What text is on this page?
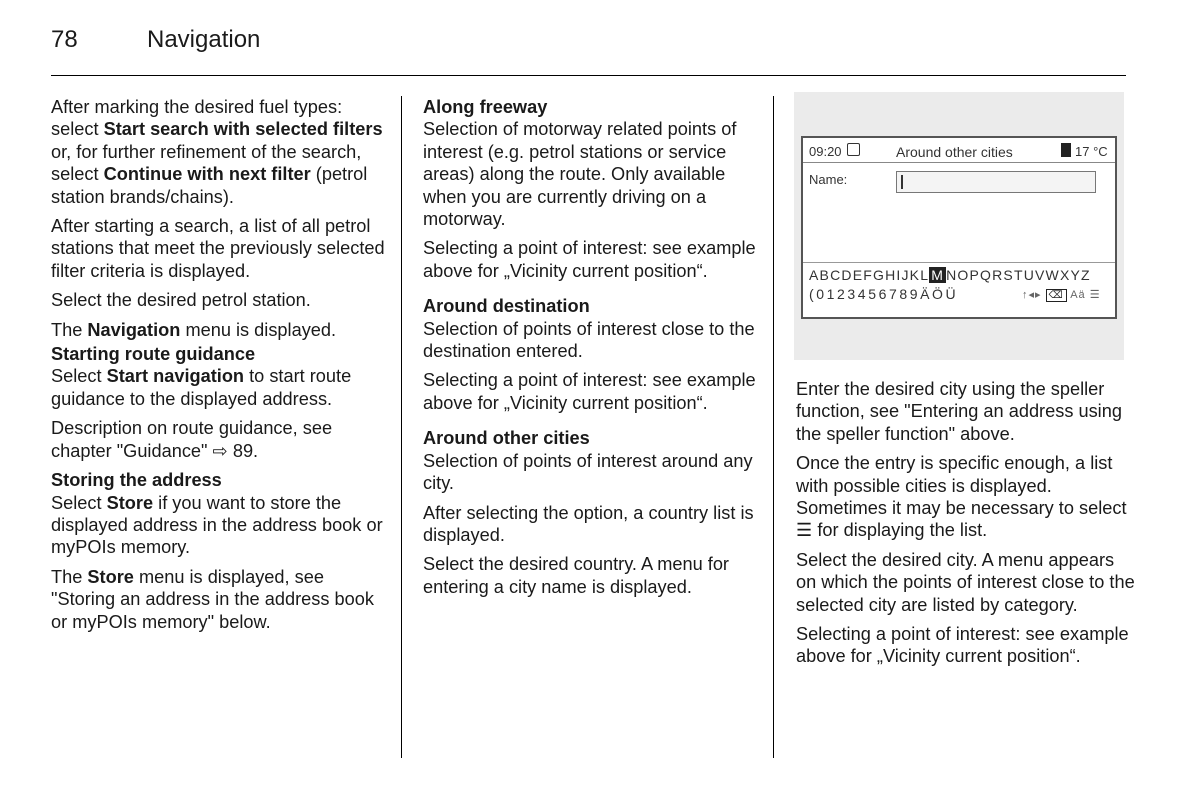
78	Navigation

After marking the desired fuel types: select Start search with selected filters or, for further refinement of the search, select Continue with next filter (petrol station brands/chains).

After starting a search, a list of all petrol stations that meet the previously selected filter criteria is displayed.

Select the desired petrol station.

The Navigation menu is displayed.

Starting route guidance
Select Start navigation to start route guidance to the displayed address.

Description on route guidance, see chapter "Guidance" ⇨ 89.

Storing the address
Select Store if you want to store the displayed address in the address book or myPOIs memory.

The Store menu is displayed, see "Storing an address in the address book or myPOIs memory" below.

Along freeway
Selection of motorway related points of interest (e.g. petrol stations or service areas) along the route. Only available when you are currently driving on a motorway.

Selecting a point of interest: see example above for „Vicinity current position“.

Around destination
Selection of points of interest close to the destination entered.

Selecting a point of interest: see example above for „Vicinity current position“.

Around other cities
Selection of points of interest around any city.

After selecting the option, a country list is displayed.

Select the desired country. A menu for entering a city name is displayed.

09:20	Around other cities	17 °C
Name:
ABCDEFGHIJKL M NOPQRSTUVWXYZ
(0123456789ÄÖÜ	↑◂▸ ⌫ Aä ☰

Enter the desired city using the speller function, see "Entering an address using the speller function" above.

Once the entry is specific enough, a list with possible cities is displayed. Sometimes it may be necessary to select ☰ for displaying the list.

Select the desired city. A menu appears on which the points of interest close to the selected city are listed by category.

Selecting a point of interest: see example above for „Vicinity current position“.
